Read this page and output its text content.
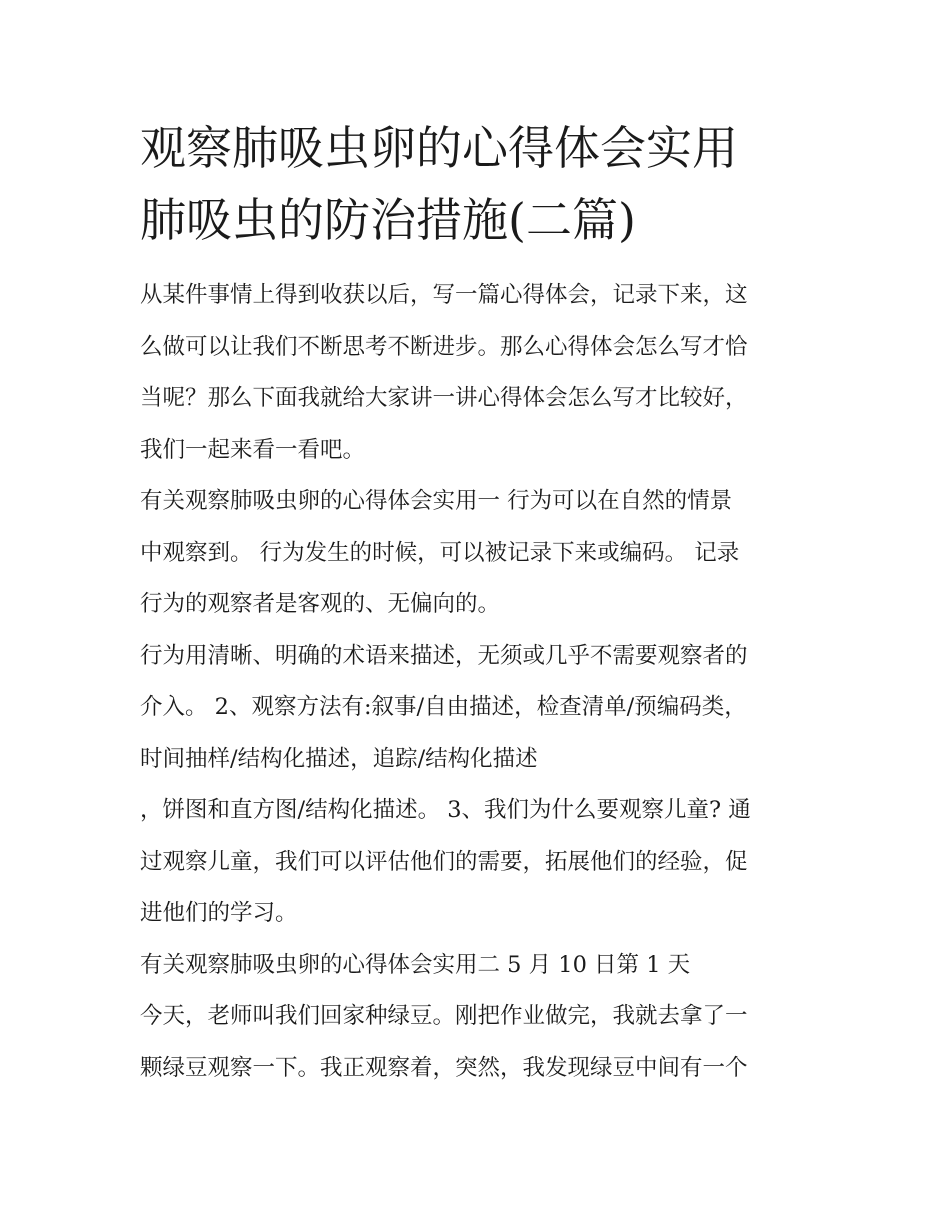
观察肺吸虫卵的心得体会实用
肺吸虫的防治措施(二篇)
从某件事情上得到收获以后，写一篇心得体会，记录下来，这
么做可以让我们不断思考不断进步。那么心得体会怎么写才恰
当呢？那么下面我就给大家讲一讲心得体会怎么写才比较好，
我们一起来看一看吧。
有关观察肺吸虫卵的心得体会实用一 行为可以在自然的情景
中观察到。 行为发生的时候，可以被记录下来或编码。 记录
行为的观察者是客观的、无偏向的。
行为用清晰、明确的术语来描述，无须或几乎不需要观察者的
介入。 2、观察方法有:叙事/自由描述，检查清单/预编码类，
时间抽样/结构化描述，追踪/结构化描述
，饼图和直方图/结构化描述。 3、我们为什么要观察儿童? 通
过观察儿童，我们可以评估他们的需要，拓展他们的经验，促
进他们的学习。
有关观察肺吸虫卵的心得体会实用二 5 月 10 日第 1 天
今天，老师叫我们回家种绿豆。刚把作业做完，我就去拿了一
颗绿豆观察一下。我正观察着，突然，我发现绿豆中间有一个
